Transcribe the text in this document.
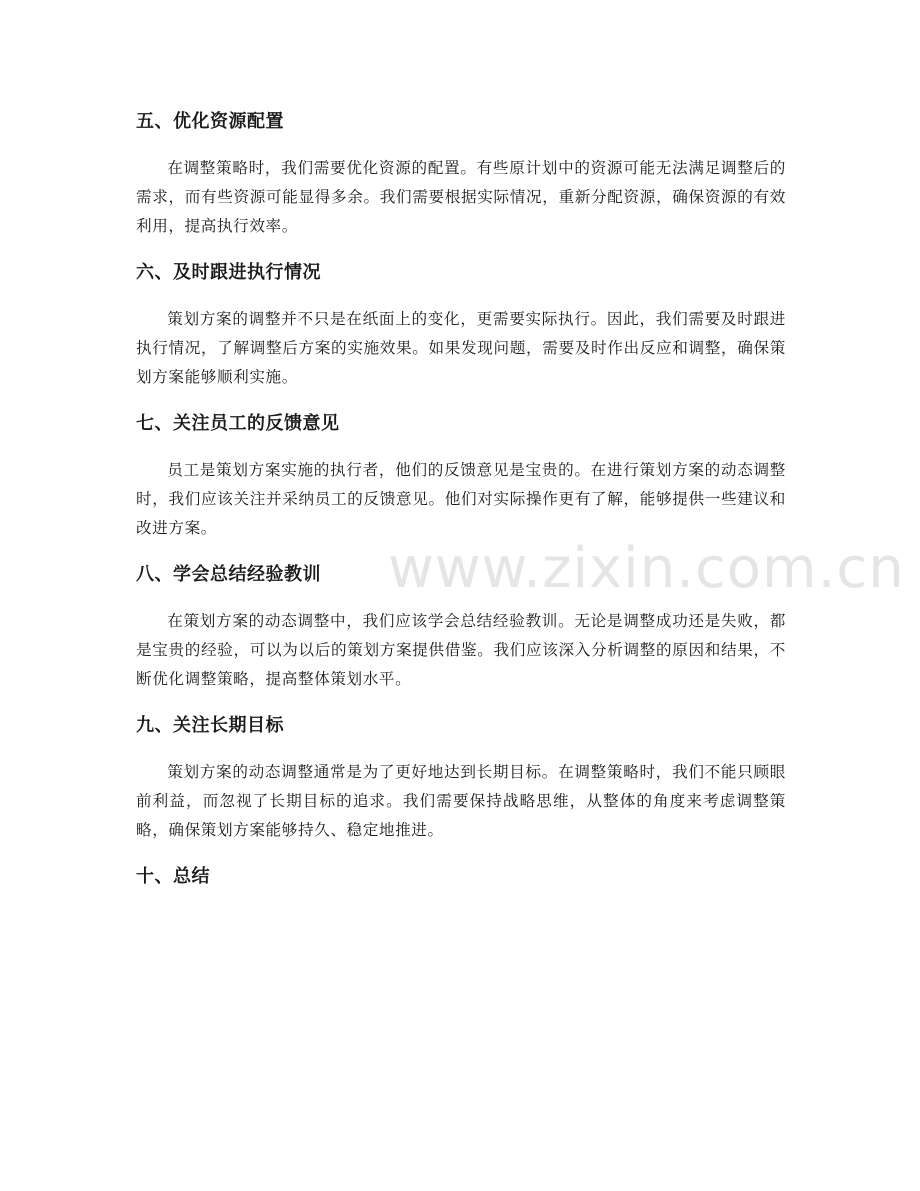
五、优化资源配置

在调整策略时，我们需要优化资源的配置。有些原计划中的资源可能无法满足调整后的需求，而有些资源可能显得多余。我们需要根据实际情况，重新分配资源，确保资源的有效利用，提高执行效率。

六、及时跟进执行情况

策划方案的调整并不只是在纸面上的变化，更需要实际执行。因此，我们需要及时跟进执行情况，了解调整后方案的实施效果。如果发现问题，需要及时作出反应和调整，确保策划方案能够顺利实施。

七、关注员工的反馈意见

员工是策划方案实施的执行者，他们的反馈意见是宝贵的。在进行策划方案的动态调整时，我们应该关注并采纳员工的反馈意见。他们对实际操作更有了解，能够提供一些建议和改进方案。

八、学会总结经验教训

在策划方案的动态调整中，我们应该学会总结经验教训。无论是调整成功还是失败，都是宝贵的经验，可以为以后的策划方案提供借鉴。我们应该深入分析调整的原因和结果，不断优化调整策略，提高整体策划水平。

九、关注长期目标

策划方案的动态调整通常是为了更好地达到长期目标。在调整策略时，我们不能只顾眼前利益，而忽视了长期目标的追求。我们需要保持战略思维，从整体的角度来考虑调整策略，确保策划方案能够持久、稳定地推进。

十、总结
www.zixin.com.cn
